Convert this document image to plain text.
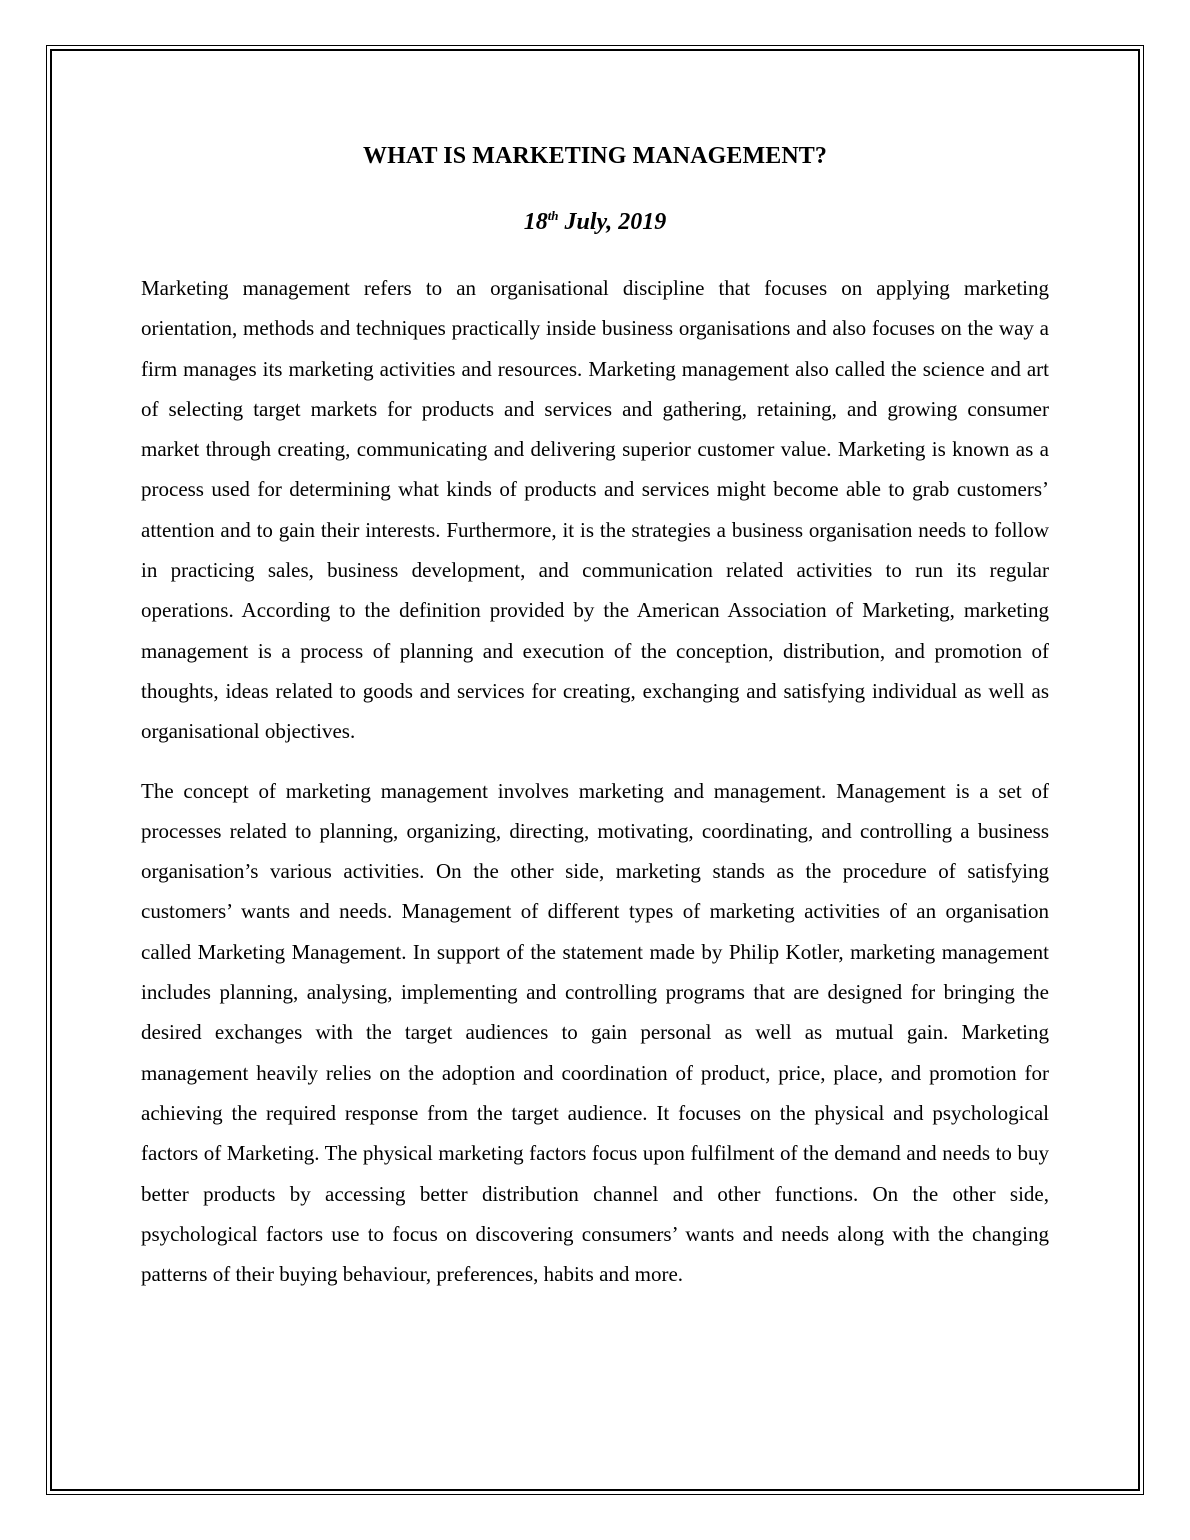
WHAT IS MARKETING MANAGEMENT?
18th July, 2019

Marketing management refers to an organisational discipline that focuses on applying marketing orientation, methods and techniques practically inside business organisations and also focuses on the way a firm manages its marketing activities and resources. Marketing management also called the science and art of selecting target markets for products and services and gathering, retaining, and growing consumer market through creating, communicating and delivering superior customer value. Marketing is known as a process used for determining what kinds of products and services might become able to grab customers’ attention and to gain their interests. Furthermore, it is the strategies a business organisation needs to follow in practicing sales, business development, and communication related activities to run its regular operations. According to the definition provided by the American Association of Marketing, marketing management is a process of planning and execution of the conception, distribution, and promotion of thoughts, ideas related to goods and services for creating, exchanging and satisfying individual as well as organisational objectives.

The concept of marketing management involves marketing and management. Management is a set of processes related to planning, organizing, directing, motivating, coordinating, and controlling a business organisation’s various activities. On the other side, marketing stands as the procedure of satisfying customers’ wants and needs. Management of different types of marketing activities of an organisation called Marketing Management. In support of the statement made by Philip Kotler, marketing management includes planning, analysing, implementing and controlling programs that are designed for bringing the desired exchanges with the target audiences to gain personal as well as mutual gain. Marketing management heavily relies on the adoption and coordination of product, price, place, and promotion for achieving the required response from the target audience. It focuses on the physical and psychological factors of Marketing. The physical marketing factors focus upon fulfilment of the demand and needs to buy better products by accessing better distribution channel and other functions. On the other side, psychological factors use to focus on discovering consumers’ wants and needs along with the changing patterns of their buying behaviour, preferences, habits and more.
